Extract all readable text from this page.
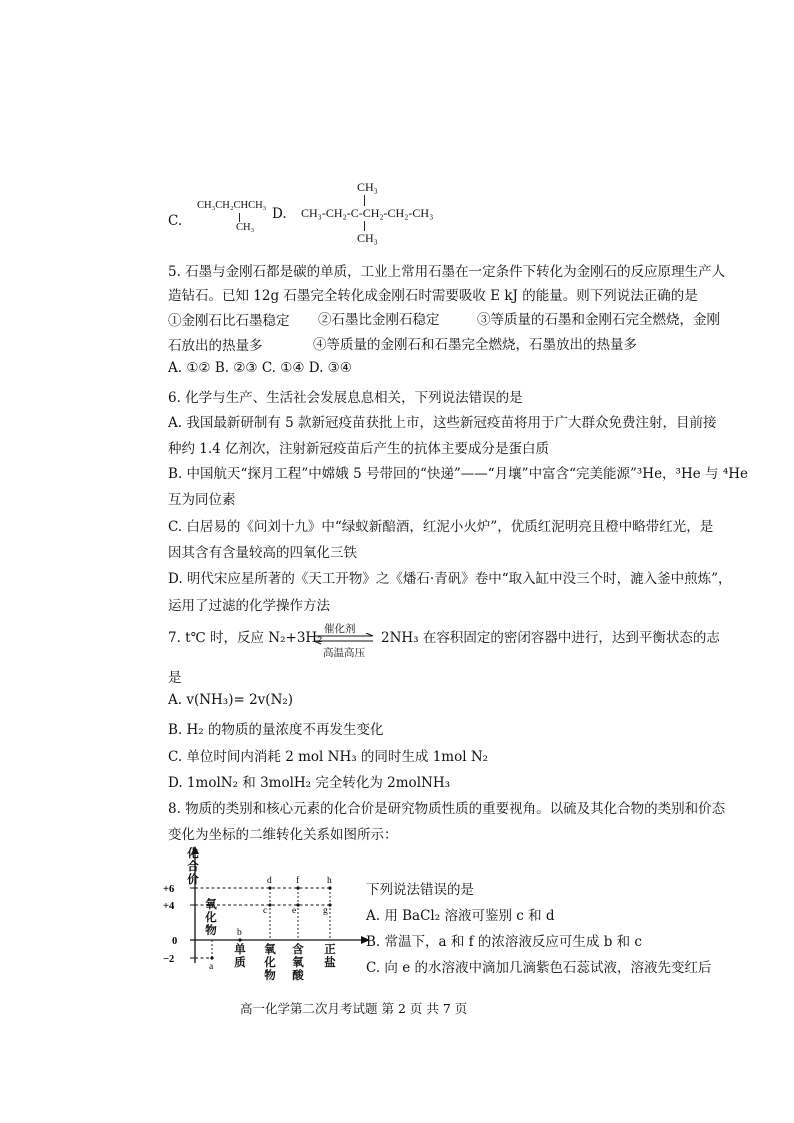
C.
CH₃CH₂CHCH₃
CH₃
D.
CH₃
CH₃-CH₂-C-CH₂-CH₂-CH₃
CH₃
5. 石墨与金刚石都是碳的单质，工业上常用石墨在一定条件下转化为金刚石的反应原理生产人
造钻石。已知 12g 石墨完全转化成金刚石时需要吸收 E kJ 的能量。则下列说法正确的是
①金刚石比石墨稳定 ②石墨比金刚石稳定	③等质量的石墨和金刚石完全燃烧，金刚
石放出的热量多	④等质量的金刚石和石墨完全燃烧，石墨放出的热量多
A. ①② B. ②③ C. ①④ D. ③④
6. 化学与生产、生活社会发展息息相关，下列说法错误的是
A. 我国最新研制有 5 款新冠疫苗获批上市，这些新冠疫苗将用于广大群众免费注射，目前接
种约 1.4 亿剂次，注射新冠疫苗后产生的抗体主要成分是蛋白质
B. 中国航天“探月工程”中嫦娥 5 号带回的“快递”——“月壤”中富含“完美能源”³He，³He 与 ⁴He
互为同位素
C. 白居易的《问刘十九》中“绿蚁新醅酒，红泥小火炉”，优质红泥明亮且橙中略带红光，是
因其含有含量较高的四氧化三铁
D. 明代宋应星所著的《天工开物》之《燔石·青矾》卷中“取入缸中没三个时，漉入釜中煎炼”，
运用了过滤的化学操作方法
7. t℃ 时，反应 N₂+3H₂
催化剂
高温高压
2NH₃ 在容积固定的密闭容器中进行，达到平衡状态的志
是
A. v(NH₃)= 2v(N₂)
B. H₂ 的物质的量浓度不再发生变化
C. 单位时间内消耗 2 mol NH₃ 的同时生成 1mol N₂
D. 1molN₂ 和 3molH₂ 完全转化为 2molNH₃
8. 物质的类别和核心元素的化合价是研究物质性质的重要视角。以硫及其化合物的类别和价态
变化为坐标的二维转化关系如图所示：
+6
+4
0
−2
a
b
c
d
e
f
g
h
化合价
氧化物
单质
氧化物
含氧酸
正盐
下列说法错误的是
A. 用 BaCl₂ 溶液可鉴别 c 和 d
B. 常温下，a 和 f 的浓溶液反应可生成 b 和 c
C. 向 e 的水溶液中滴加几滴紫色石蕊试液，溶液先变红后
高一化学第二次月考试题 第 2 页 共 7 页
